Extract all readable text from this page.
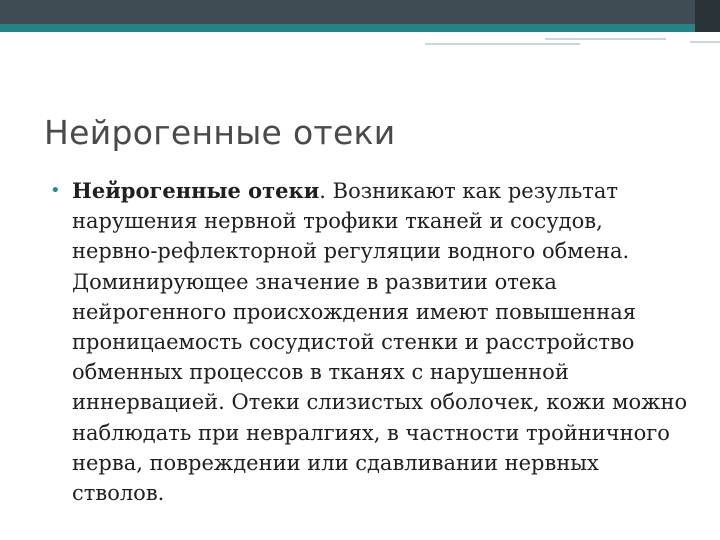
Нейрогенные отеки
• Нейрогенные отеки. Возникают как результат нарушения нервной трофики тканей и сосудов, нервно-рефлекторной регуляции водного обмена. Доминирующее значение в развитии отека нейрогенного происхождения имеют повышенная проницаемость сосудистой стенки и расстройство обменных процессов в тканях с нарушенной иннервацией. Отеки слизистых оболочек, кожи можно наблюдать при невралгиях, в частности тройничного нерва, повреждении или сдавливании нервных стволов.
